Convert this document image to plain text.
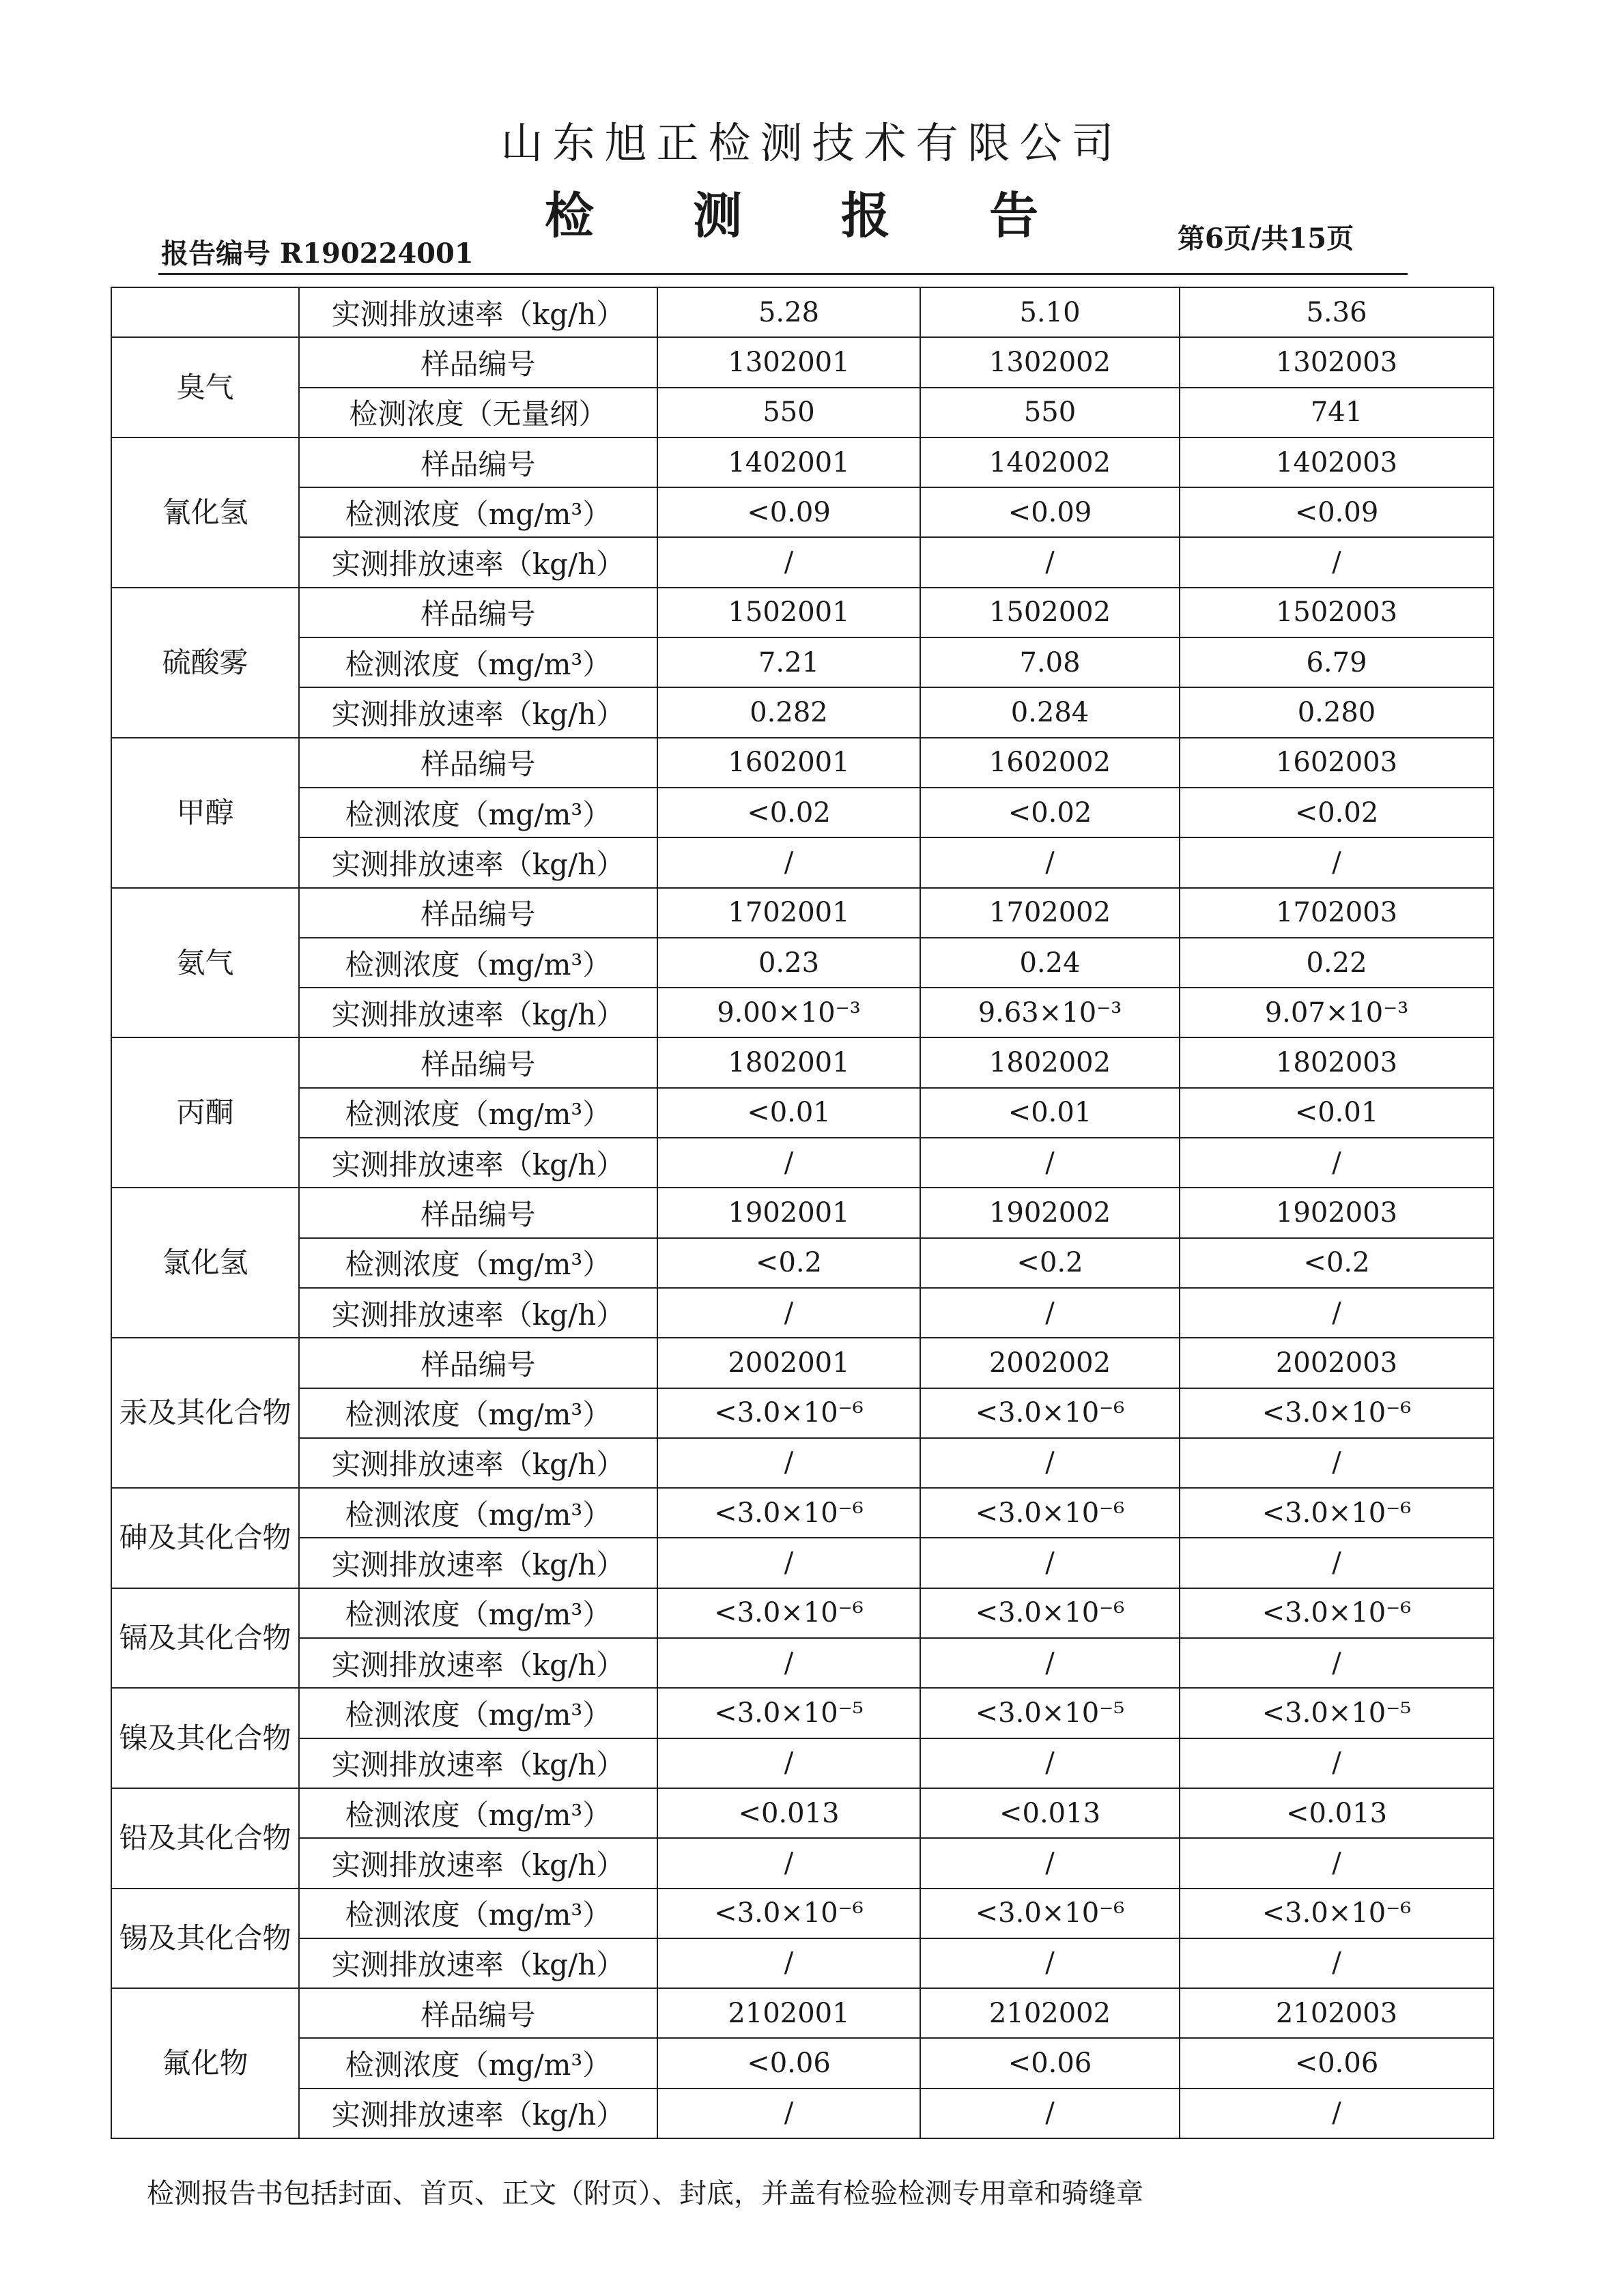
山东旭正检测技术有限公司
检 测 报 告
报告编号 R190224001	第6页/共15页
	实测排放速率（kg/h）	5.28	5.10	5.36
臭气	样品编号	1302001	1302002	1302003
	检测浓度（无量纲）	550	550	741
氰化氢	样品编号	1402001	1402002	1402003
	检测浓度（mg/m³）	<0.09	<0.09	<0.09
	实测排放速率（kg/h）	/	/	/
硫酸雾	样品编号	1502001	1502002	1502003
	检测浓度（mg/m³）	7.21	7.08	6.79
	实测排放速率（kg/h）	0.282	0.284	0.280
甲醇	样品编号	1602001	1602002	1602003
	检测浓度（mg/m³）	<0.02	<0.02	<0.02
	实测排放速率（kg/h）	/	/	/
氨气	样品编号	1702001	1702002	1702003
	检测浓度（mg/m³）	0.23	0.24	0.22
	实测排放速率（kg/h）	9.00×10⁻³	9.63×10⁻³	9.07×10⁻³
丙酮	样品编号	1802001	1802002	1802003
	检测浓度（mg/m³）	<0.01	<0.01	<0.01
	实测排放速率（kg/h）	/	/	/
氯化氢	样品编号	1902001	1902002	1902003
	检测浓度（mg/m³）	<0.2	<0.2	<0.2
	实测排放速率（kg/h）	/	/	/
汞及其化合物	样品编号	2002001	2002002	2002003
	检测浓度（mg/m³）	<3.0×10⁻⁶	<3.0×10⁻⁶	<3.0×10⁻⁶
	实测排放速率（kg/h）	/	/	/
砷及其化合物	检测浓度（mg/m³）	<3.0×10⁻⁶	<3.0×10⁻⁶	<3.0×10⁻⁶
	实测排放速率（kg/h）	/	/	/
镉及其化合物	检测浓度（mg/m³）	<3.0×10⁻⁶	<3.0×10⁻⁶	<3.0×10⁻⁶
	实测排放速率（kg/h）	/	/	/
镍及其化合物	检测浓度（mg/m³）	<3.0×10⁻⁵	<3.0×10⁻⁵	<3.0×10⁻⁵
	实测排放速率（kg/h）	/	/	/
铅及其化合物	检测浓度（mg/m³）	<0.013	<0.013	<0.013
	实测排放速率（kg/h）	/	/	/
锡及其化合物	检测浓度（mg/m³）	<3.0×10⁻⁶	<3.0×10⁻⁶	<3.0×10⁻⁶
	实测排放速率（kg/h）	/	/	/
氟化物	样品编号	2102001	2102002	2102003
	检测浓度（mg/m³）	<0.06	<0.06	<0.06
	实测排放速率（kg/h）	/	/	/
检测报告书包括封面、首页、正文（附页）、封底，并盖有检验检测专用章和骑缝章
